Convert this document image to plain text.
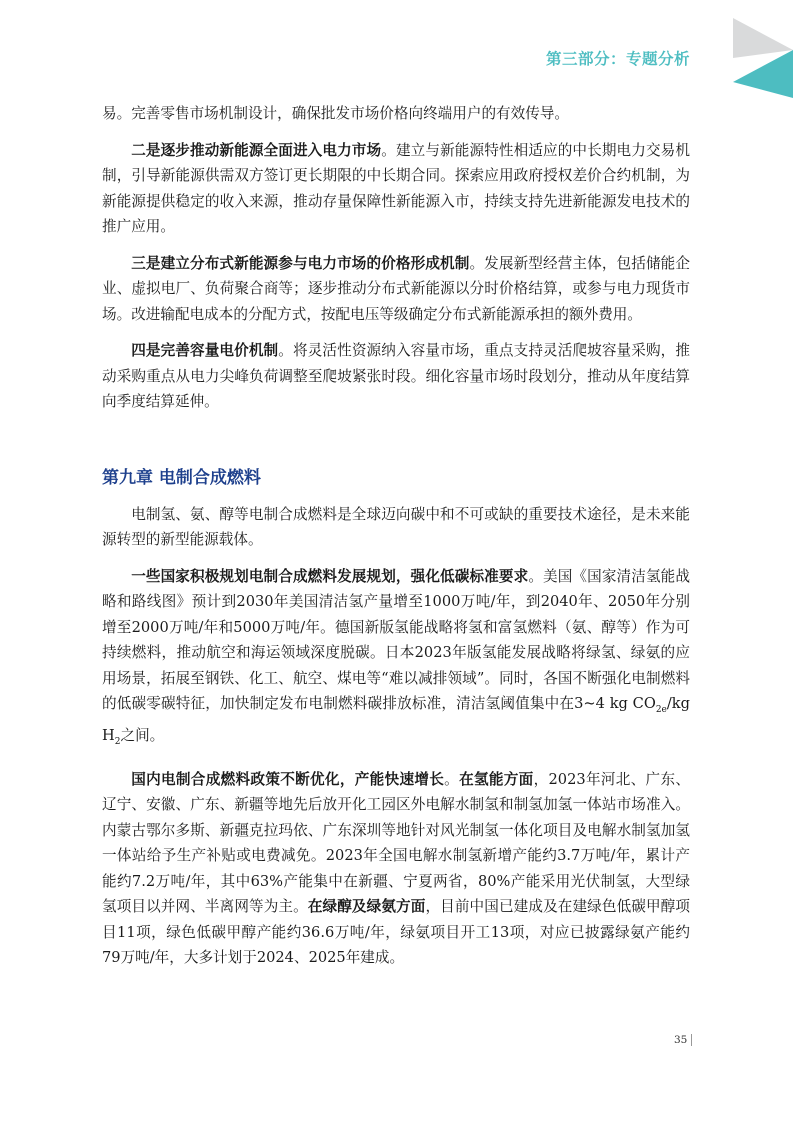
第三部分：专题分析

易。完善零售市场机制设计，确保批发市场价格向终端用户的有效传导。

二是逐步推动新能源全面进入电力市场。建立与新能源特性相适应的中长期电力交易机制，引导新能源供需双方签订更长期限的中长期合同。探索应用政府授权差价合约机制，为新能源提供稳定的收入来源，推动存量保障性新能源入市，持续支持先进新能源发电技术的推广应用。

三是建立分布式新能源参与电力市场的价格形成机制。发展新型经营主体，包括储能企业、虚拟电厂、负荷聚合商等；逐步推动分布式新能源以分时价格结算，或参与电力现货市场。改进输配电成本的分配方式，按配电压等级确定分布式新能源承担的额外费用。

四是完善容量电价机制。将灵活性资源纳入容量市场，重点支持灵活爬坡容量采购，推动采购重点从电力尖峰负荷调整至爬坡紧张时段。细化容量市场时段划分，推动从年度结算向季度结算延伸。

第九章 电制合成燃料

电制氢、氨、醇等电制合成燃料是全球迈向碳中和不可或缺的重要技术途径，是未来能源转型的新型能源载体。

一些国家积极规划电制合成燃料发展规划，强化低碳标准要求。美国《国家清洁氢能战略和路线图》预计到2030年美国清洁氢产量增至1000万吨/年，到2040年、2050年分别增至2000万吨/年和5000万吨/年。德国新版氢能战略将氢和富氢燃料（氨、醇等）作为可持续燃料，推动航空和海运领域深度脱碳。日本2023年版氢能发展战略将绿氢、绿氨的应用场景，拓展至钢铁、化工、航空、煤电等“难以减排领域”。同时，各国不断强化电制燃料的低碳零碳特征，加快制定发布电制燃料碳排放标准，清洁氢阈值集中在3~4 kg $CO_{2e}/kg$ $H_2$之间。

国内电制合成燃料政策不断优化，产能快速增长。在氢能方面，2023年河北、广东、辽宁、安徽、广东、新疆等地先后放开化工园区外电解水制氢和制氢加氢一体站市场准入。内蒙古鄂尔多斯、新疆克拉玛依、广东深圳等地针对风光制氢一体化项目及电解水制氢加氢一体站给予生产补贴或电费减免。2023年全国电解水制氢新增产能约3.7万吨/年，累计产能约7.2万吨/年，其中63%产能集中在新疆、宁夏两省，80%产能采用光伏制氢，大型绿氢项目以并网、半离网等为主。在绿醇及绿氨方面，目前中国已建成及在建绿色低碳甲醇项目11项，绿色低碳甲醇产能约36.6万吨/年，绿氨项目开工13项，对应已披露绿氨产能约79万吨/年，大多计划于2024、2025年建成。

35
